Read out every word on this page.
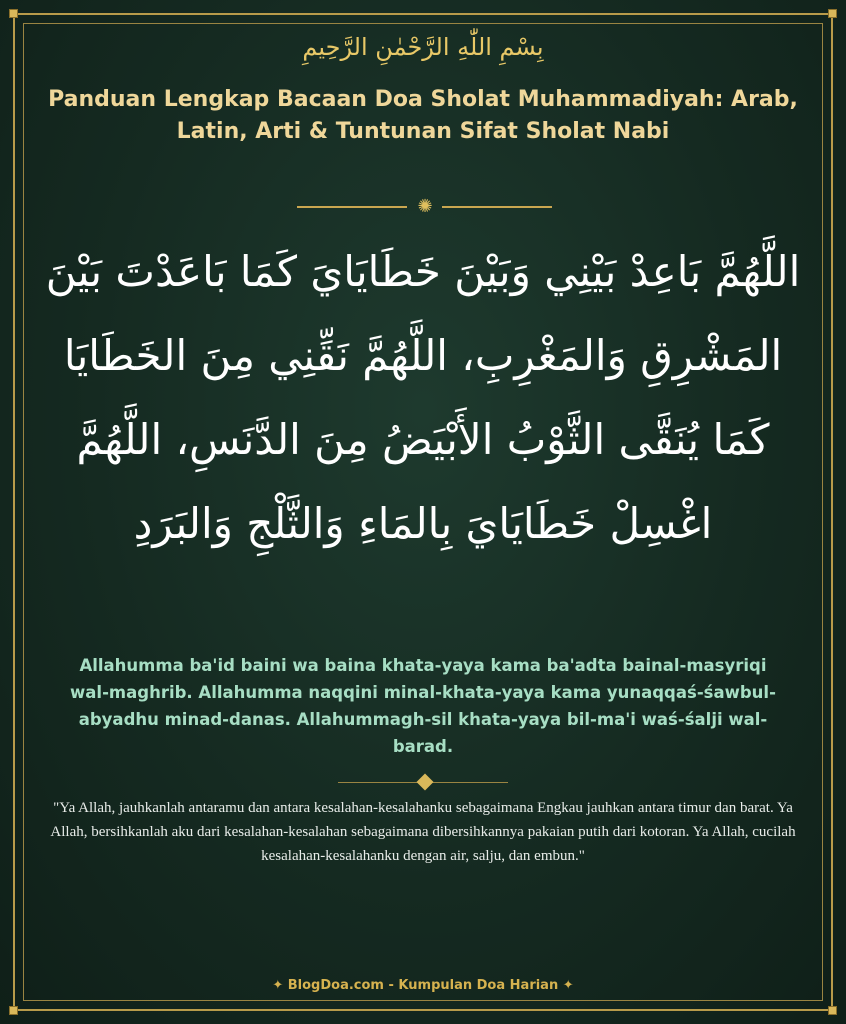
بِسْمِ اللّٰهِ الرَّحْمٰنِ الرَّحِيمِ
Panduan Lengkap Bacaan Doa Sholat Muhammadiyah: Arab, Latin, Arti & Tuntunan Sifat Sholat Nabi
✺
اللَّهُمَّ بَاعِدْ بَيْنِي وَبَيْنَ خَطَايَايَ كَمَا بَاعَدْتَ بَيْنَ المَشْرِقِ وَالمَغْرِبِ، اللَّهُمَّ نَقِّنِي مِنَ الخَطَايَا كَمَا يُنَقَّى الثَّوْبُ الأَبْيَضُ مِنَ الدَّنَسِ، اللَّهُمَّ اغْسِلْ خَطَايَايَ بِالمَاءِ وَالثَّلْجِ وَالبَرَدِ
Allahumma ba'id baini wa baina khata-yaya kama ba'adta bainal-masyriqi wal-maghrib. Allahumma naqqini minal-khata-yaya kama yunaqqaś-śawbul-abyadhu minad-danas. Allahummagh-sil khata-yaya bil-ma'i waś-śalji wal-barad.
"Ya Allah, jauhkanlah antaramu dan antara kesalahan-kesalahanku sebagaimana Engkau jauhkan antara timur dan barat. Ya Allah, bersihkanlah aku dari kesalahan-kesalahan sebagaimana dibersihkannya pakaian putih dari kotoran. Ya Allah, cucilah kesalahan-kesalahanku dengan air, salju, dan embun."
✦ BlogDoa.com - Kumpulan Doa Harian ✦
